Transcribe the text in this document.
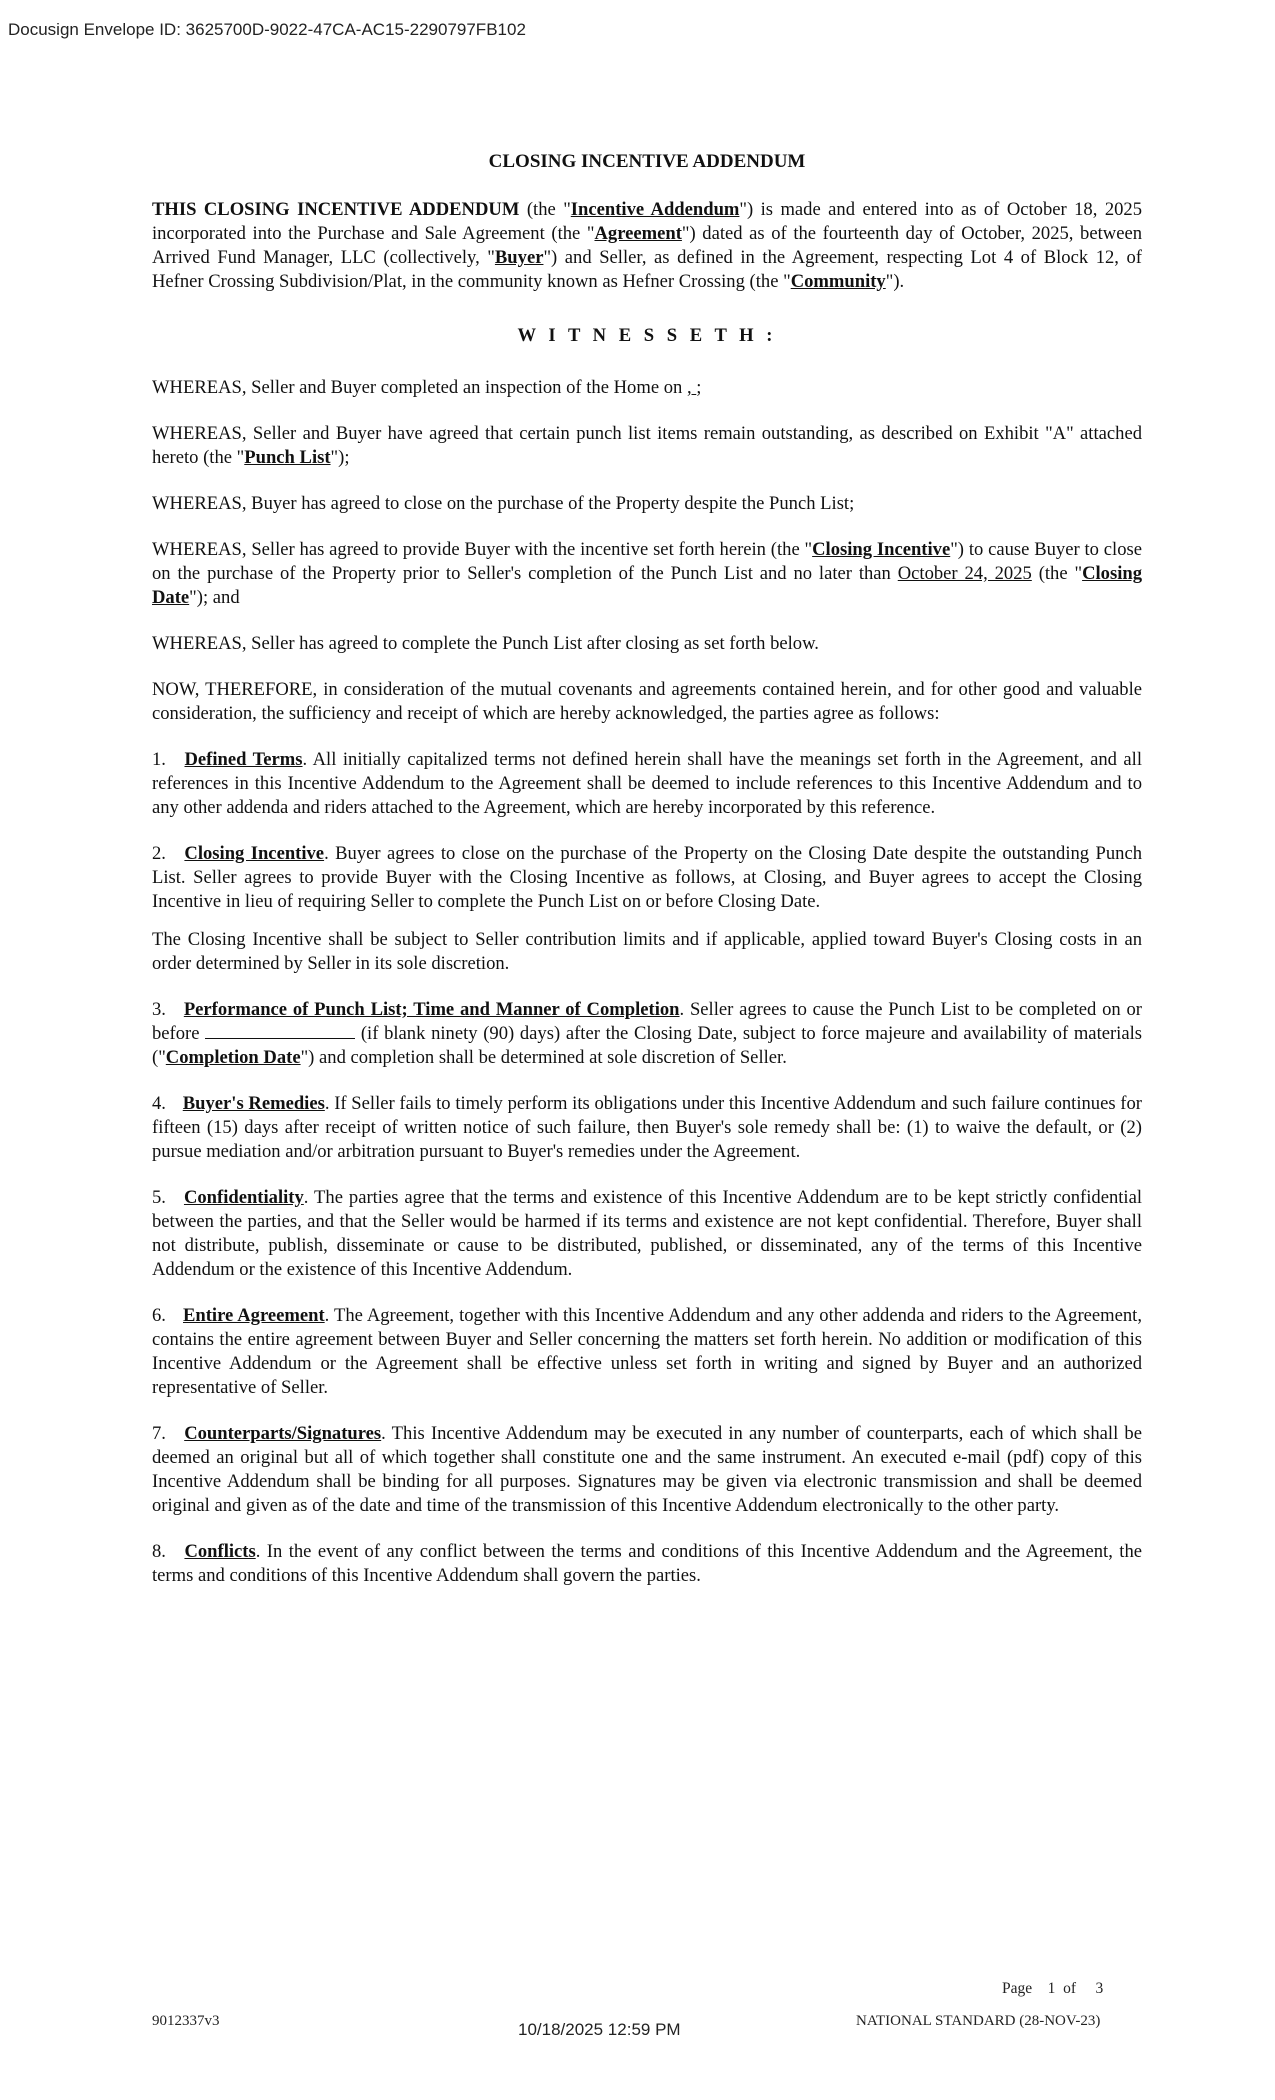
Docusign Envelope ID: 3625700D-9022-47CA-AC15-2290797FB102
CLOSING INCENTIVE ADDENDUM

THIS CLOSING INCENTIVE ADDENDUM (the "Incentive Addendum") is made and entered into as of October 18, 2025 incorporated into the Purchase and Sale Agreement (the "Agreement") dated as of the fourteenth day of October, 2025, between Arrived Fund Manager, LLC (collectively, "Buyer") and Seller, as defined in the Agreement, respecting Lot 4 of Block 12, of Hefner Crossing Subdivision/Plat, in the community known as Hefner Crossing (the "Community").

W I T N E S S E T H :

WHEREAS, Seller and Buyer completed an inspection of the Home on , ;

WHEREAS, Seller and Buyer have agreed that certain punch list items remain outstanding, as described on Exhibit "A" attached hereto (the "Punch List");

WHEREAS, Buyer has agreed to close on the purchase of the Property despite the Punch List;

WHEREAS, Seller has agreed to provide Buyer with the incentive set forth herein (the "Closing Incentive") to cause Buyer to close on the purchase of the Property prior to Seller's completion of the Punch List and no later than October 24, 2025 (the "Closing Date"); and

WHEREAS, Seller has agreed to complete the Punch List after closing as set forth below.

NOW, THEREFORE, in consideration of the mutual covenants and agreements contained herein, and for other good and valuable consideration, the sufficiency and receipt of which are hereby acknowledged, the parties agree as follows:

1. Defined Terms. All initially capitalized terms not defined herein shall have the meanings set forth in the Agreement, and all references in this Incentive Addendum to the Agreement shall be deemed to include references to this Incentive Addendum and to any other addenda and riders attached to the Agreement, which are hereby incorporated by this reference.

2. Closing Incentive. Buyer agrees to close on the purchase of the Property on the Closing Date despite the outstanding Punch List. Seller agrees to provide Buyer with the Closing Incentive as follows, at Closing, and Buyer agrees to accept the Closing Incentive in lieu of requiring Seller to complete the Punch List on or before Closing Date.

The Closing Incentive shall be subject to Seller contribution limits and if applicable, applied toward Buyer's Closing costs in an order determined by Seller in its sole discretion.

3. Performance of Punch List; Time and Manner of Completion. Seller agrees to cause the Punch List to be completed on or before	(if blank ninety (90) days) after the Closing Date, subject to force majeure and availability of materials ("Completion Date") and completion shall be determined at sole discretion of Seller.

4. Buyer's Remedies. If Seller fails to timely perform its obligations under this Incentive Addendum and such failure continues for fifteen (15) days after receipt of written notice of such failure, then Buyer's sole remedy shall be: (1) to waive the default, or (2) pursue mediation and/or arbitration pursuant to Buyer's remedies under the Agreement.

5. Confidentiality. The parties agree that the terms and existence of this Incentive Addendum are to be kept strictly confidential between the parties, and that the Seller would be harmed if its terms and existence are not kept confidential. Therefore, Buyer shall not distribute, publish, disseminate or cause to be distributed, published, or disseminated, any of the terms of this Incentive Addendum or the existence of this Incentive Addendum.

6. Entire Agreement. The Agreement, together with this Incentive Addendum and any other addenda and riders to the Agreement, contains the entire agreement between Buyer and Seller concerning the matters set forth herein. No addition or modification of this Incentive Addendum or the Agreement shall be effective unless set forth in writing and signed by Buyer and an authorized representative of Seller.

7. Counterparts/Signatures. This Incentive Addendum may be executed in any number of counterparts, each of which shall be deemed an original but all of which together shall constitute one and the same instrument. An executed e-mail (pdf) copy of this Incentive Addendum shall be binding for all purposes. Signatures may be given via electronic transmission and shall be deemed original and given as of the date and time of the transmission of this Incentive Addendum electronically to the other party.

8. Conflicts. In the event of any conflict between the terms and conditions of this Incentive Addendum and the Agreement, the terms and conditions of this Incentive Addendum shall govern the parties.

Page 1 of 3
9012337v3	10/18/2025 12:59 PM	NATIONAL STANDARD (28-NOV-23)
